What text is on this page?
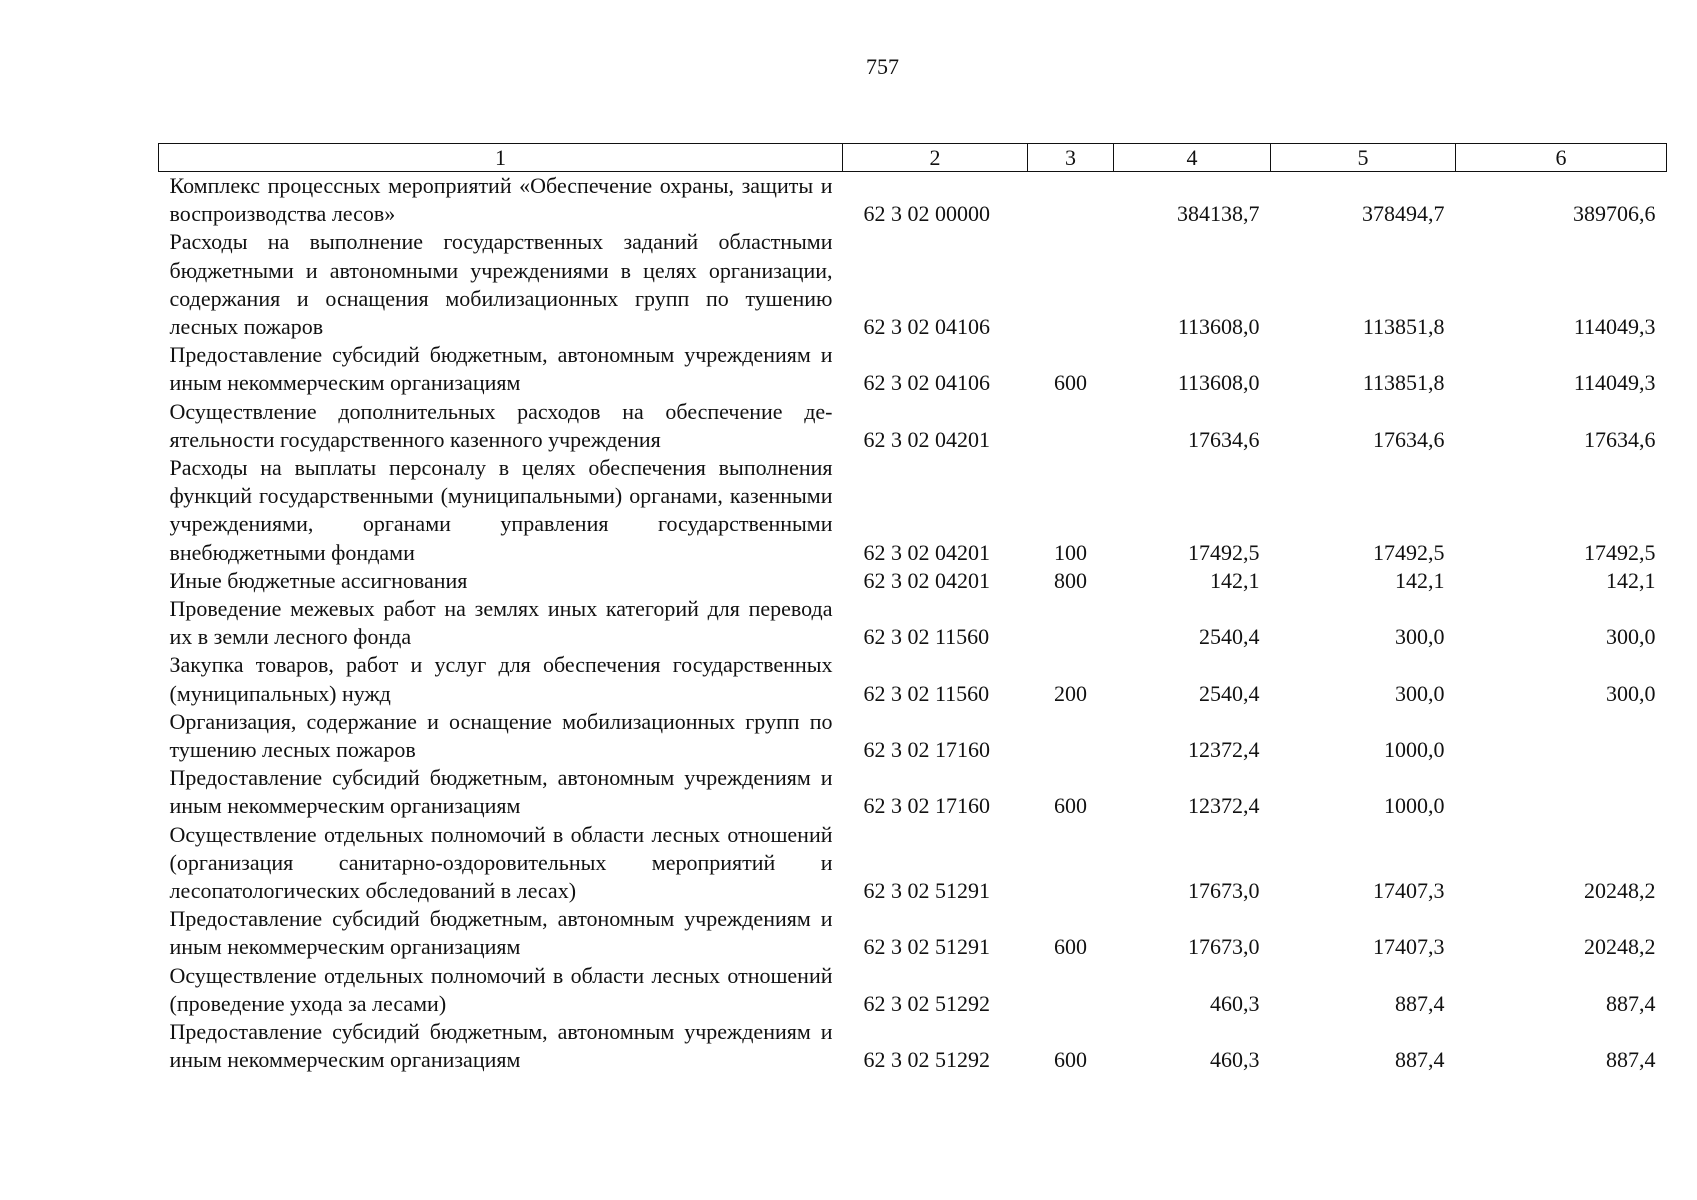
757
1	2	3	4	5	6
Комплекс процессных мероприятий «Обеспечение охраны, защиты и воспроизводства лесов»	62 3 02 00000		384138,7	378494,7	389706,6
Расходы на выполнение государственных заданий областными бюджетными и автономными учреждениями в целях организации, содержания и оснащения мобилизационных групп по тушению лесных пожаров	62 3 02 04106		113608,0	113851,8	114049,3
Предоставление субсидий бюджетным, автономным учреждениям и иным некоммерческим организациям	62 3 02 04106	600	113608,0	113851,8	114049,3
Осуществление дополнительных расходов на обеспечение деятельности государственного казенного учреждения	62 3 02 04201		17634,6	17634,6	17634,6
Расходы на выплаты персоналу в целях обеспечения выполнения функций государственными (муниципальными) органами, казенными учреждениями, органами управления государственными внебюджетными фондами	62 3 02 04201	100	17492,5	17492,5	17492,5
Иные бюджетные ассигнования	62 3 02 04201	800	142,1	142,1	142,1
Проведение межевых работ на землях иных категорий для перевода их в земли лесного фонда	62 3 02 11560		2540,4	300,0	300,0
Закупка товаров, работ и услуг для обеспечения государственных (муниципальных) нужд	62 3 02 11560	200	2540,4	300,0	300,0
Организация, содержание и оснащение мобилизационных групп по тушению лесных пожаров	62 3 02 17160		12372,4	1000,0	
Предоставление субсидий бюджетным, автономным учреждениям и иным некоммерческим организациям	62 3 02 17160	600	12372,4	1000,0	
Осуществление отдельных полномочий в области лесных отношений (организация санитарно-оздоровительных мероприятий и лесопатологических обследований в лесах)	62 3 02 51291		17673,0	17407,3	20248,2
Предоставление субсидий бюджетным, автономным учреждениям и иным некоммерческим организациям	62 3 02 51291	600	17673,0	17407,3	20248,2
Осуществление отдельных полномочий в области лесных отношений (проведение ухода за лесами)	62 3 02 51292		460,3	887,4	887,4
Предоставление субсидий бюджетным, автономным учреждениям и иным некоммерческим организациям	62 3 02 51292	600	460,3	887,4	887,4
